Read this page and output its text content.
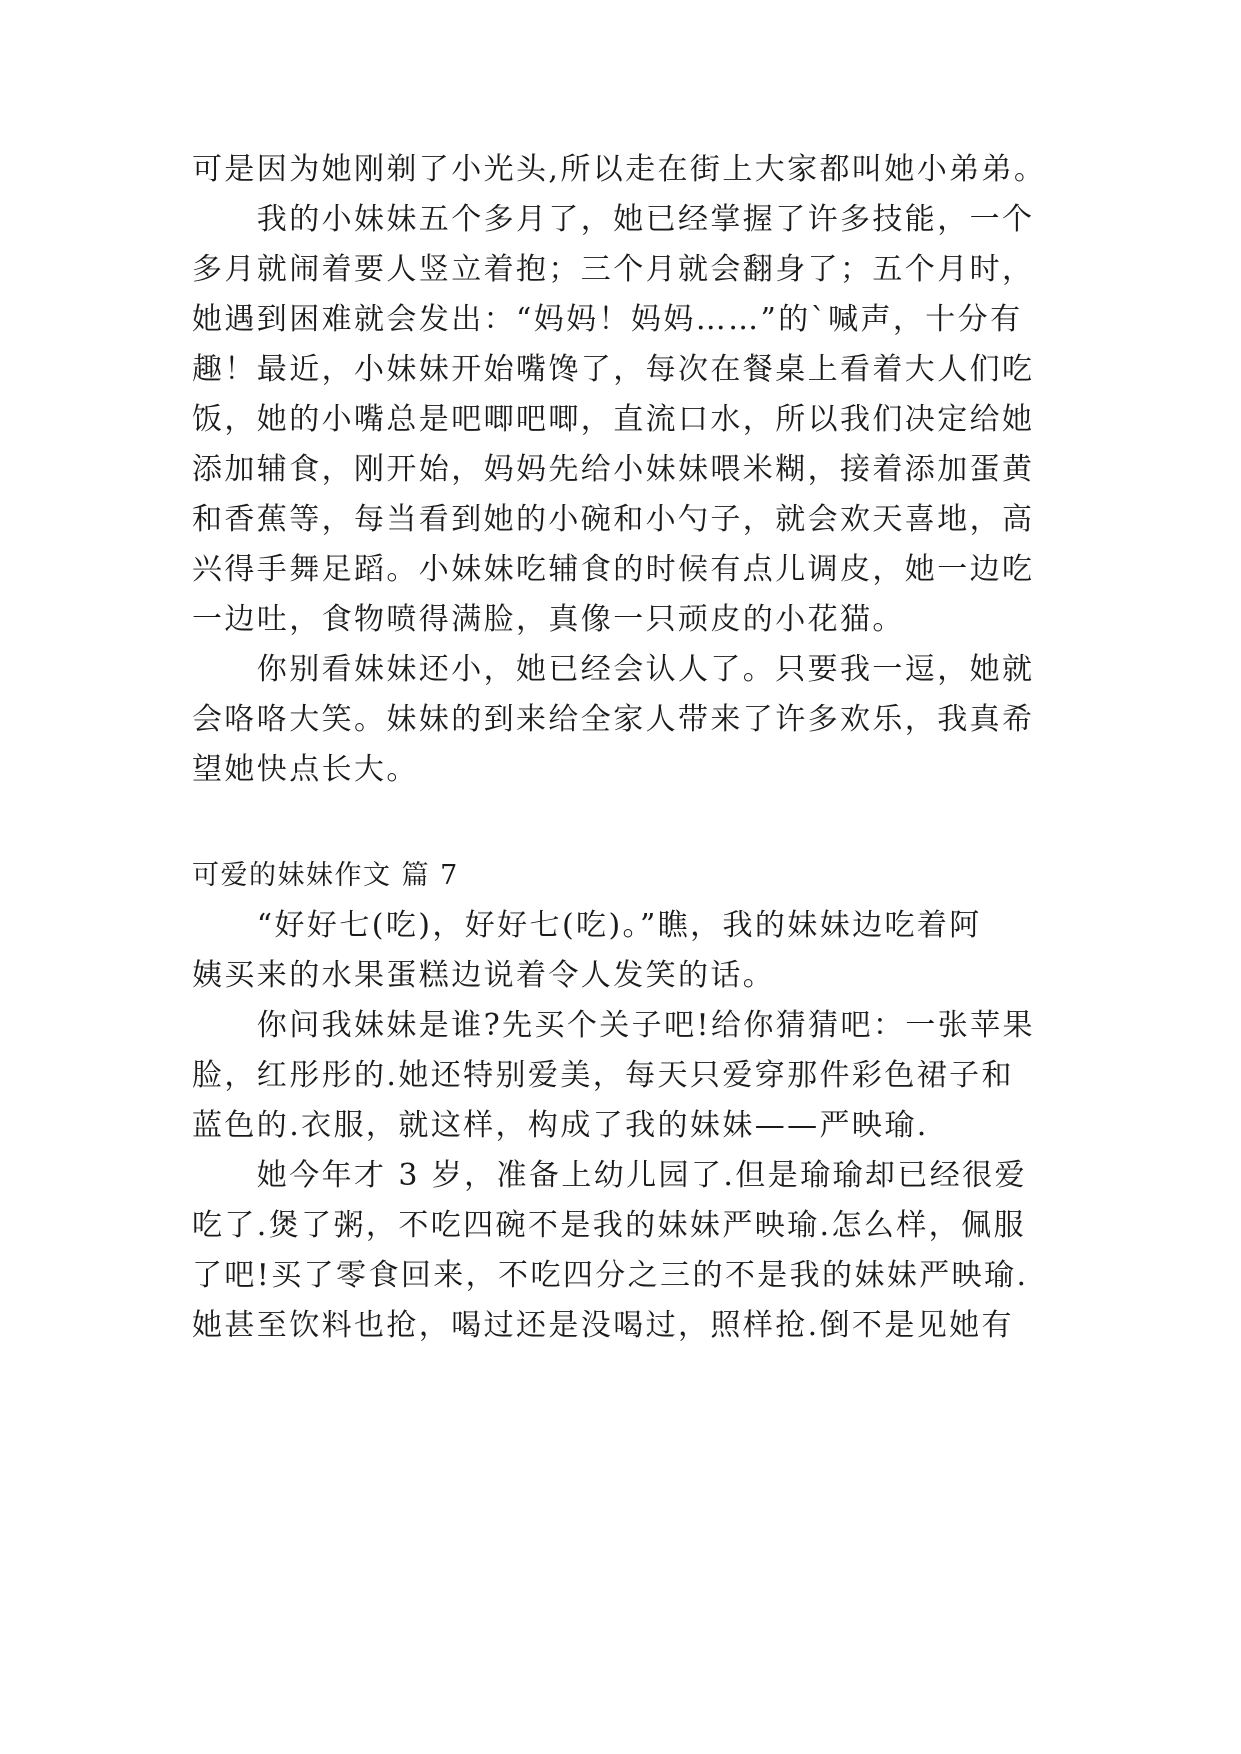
可是因为她刚剃了小光头,所以走在街上大家都叫她小弟弟。
　　我的小妹妹五个多月了，她已经掌握了许多技能，一个
多月就闹着要人竖立着抱；三个月就会翻身了；五个月时，
她遇到困难就会发出：“妈妈！妈妈……”的`喊声，十分有
趣！最近，小妹妹开始嘴馋了，每次在餐桌上看着大人们吃
饭，她的小嘴总是吧唧吧唧，直流口水，所以我们决定给她
添加辅食，刚开始，妈妈先给小妹妹喂米糊，接着添加蛋黄
和香蕉等，每当看到她的小碗和小勺子，就会欢天喜地，高
兴得手舞足蹈。小妹妹吃辅食的时候有点儿调皮，她一边吃
一边吐，食物喷得满脸，真像一只顽皮的小花猫。
　　你别看妹妹还小，她已经会认人了。只要我一逗，她就
会咯咯大笑。妹妹的到来给全家人带来了许多欢乐，我真希
望她快点长大。
可爱的妹妹作文 篇 7
　　“好好七(吃)，好好七(吃)。”瞧，我的妹妹边吃着阿
姨买来的水果蛋糕边说着令人发笑的话。
　　你问我妹妹是谁?先买个关子吧!给你猜猜吧：一张苹果
脸，红彤彤的.她还特别爱美，每天只爱穿那件彩色裙子和
蓝色的.衣服，就这样，构成了我的妹妹——严映瑜.
　　她今年才 3 岁，准备上幼儿园了.但是瑜瑜却已经很爱
吃了.煲了粥，不吃四碗不是我的妹妹严映瑜.怎么样，佩服
了吧!买了零食回来，不吃四分之三的不是我的妹妹严映瑜.
她甚至饮料也抢，喝过还是没喝过，照样抢.倒不是见她有
